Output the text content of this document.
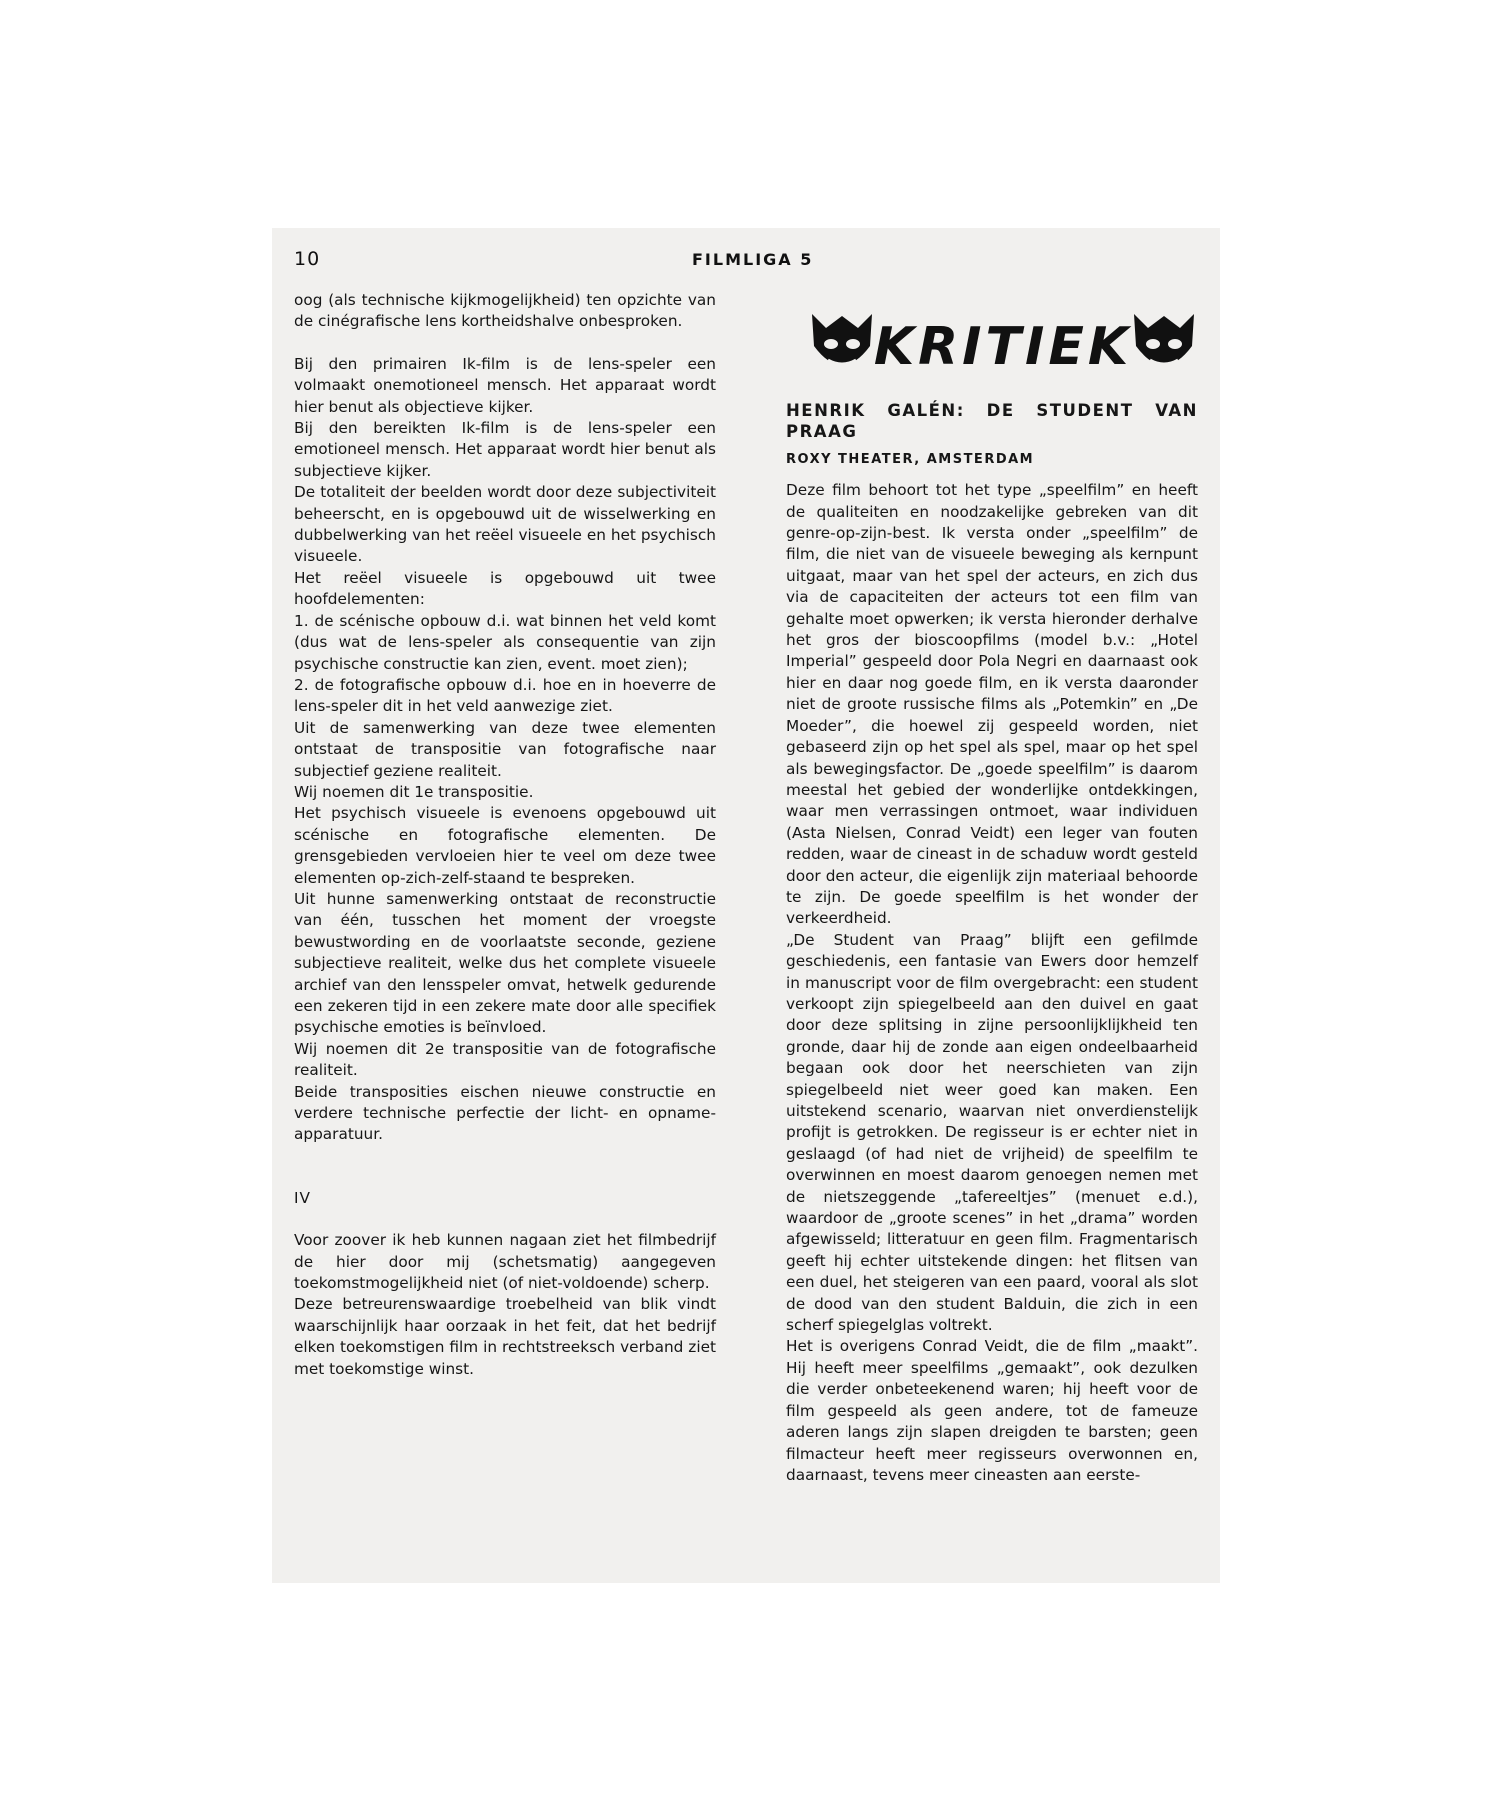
10	FILMLIGA 5

oog (als technische kijkmogelijkheid) ten opzichte van de cinégrafische lens kortheidshalve onbesproken.

Bij den primairen Ik-film is de lens-speler een volmaakt onemotioneel mensch. Het apparaat wordt hier benut als objectieve kijker.

Bij den bereikten Ik-film is de lens-speler een emotioneel mensch. Het apparaat wordt hier benut als subjectieve kijker.

De totaliteit der beelden wordt door deze subjectiviteit beheerscht, en is opgebouwd uit de wisselwerking en dubbelwerking van het reëel visueele en het psychisch visueele.

Het reëel visueele is opgebouwd uit twee hoofdelementen:

1. de scénische opbouw d.i. wat binnen het veld komt (dus wat de lens-speler als consequentie van zijn psychische constructie kan zien, event. moet zien);

2. de fotografische opbouw d.i. hoe en in hoeverre de lens-speler dit in het veld aanwezige ziet.

Uit de samenwerking van deze twee elementen ontstaat de transpositie van fotografische naar subjectief geziene realiteit.

Wij noemen dit 1e transpositie.

Het psychisch visueele is evenoens opgebouwd uit scénische en fotografische elementen. De grensgebieden vervloeien hier te veel om deze twee elementen op-zich-zelf-staand te bespreken.

Uit hunne samenwerking ontstaat de reconstructie van één, tusschen het moment der vroegste bewustwording en de voorlaatste seconde, geziene subjectieve realiteit, welke dus het complete visueele archief van den lensspeler omvat, hetwelk gedurende een zekeren tijd in een zekere mate door alle specifiek psychische emoties is beïnvloed.

Wij noemen dit 2e transpositie van de fotografische realiteit.

Beide transposities eischen nieuwe constructie en verdere technische perfectie der licht- en opname-apparatuur.

IV

Voor zoover ik heb kunnen nagaan ziet het filmbedrijf de hier door mij (schetsmatig) aangegeven toekomstmogelijkheid niet (of niet-voldoende) scherp.

Deze betreurenswaardige troebelheid van blik vindt waarschijnlijk haar oorzaak in het feit, dat het bedrijf elken toekomstigen film in rechtstreeksch verband ziet met toekomstige winst.

KRITIEK

HENRIK GALÉN: DE STUDENT VAN PRAAG

ROXY THEATER, AMSTERDAM

Deze film behoort tot het type „speelfilm” en heeft de qualiteiten en noodzakelijke gebreken van dit genre-op-zijn-best. Ik versta onder „speelfilm” de film, die niet van de visueele beweging als kernpunt uitgaat, maar van het spel der acteurs, en zich dus via de capaciteiten der acteurs tot een film van gehalte moet opwerken; ik versta hieronder derhalve het gros der bioscoopfilms (model b.v.: „Hotel Imperial” gespeeld door Pola Negri en daarnaast ook hier en daar nog goede film, en ik versta daaronder niet de groote russische films als „Potemkin” en „De Moeder”, die hoewel zij gespeeld worden, niet gebaseerd zijn op het spel als spel, maar op het spel als bewegingsfactor. De „goede speelfilm” is daarom meestal het gebied der wonderlijke ontdekkingen, waar men verrassingen ontmoet, waar individuen (Asta Nielsen, Conrad Veidt) een leger van fouten redden, waar de cineast in de schaduw wordt gesteld door den acteur, die eigenlijk zijn materiaal behoorde te zijn. De goede speelfilm is het wonder der verkeerdheid.

„De Student van Praag” blijft een gefilmde geschiedenis, een fantasie van Ewers door hemzelf in manuscript voor de film overgebracht: een student verkoopt zijn spiegelbeeld aan den duivel en gaat door deze splitsing in zijne persoonlijklijkheid ten gronde, daar hij de zonde aan eigen ondeelbaarheid begaan ook door het neerschieten van zijn spiegelbeeld niet weer goed kan maken. Een uitstekend scenario, waarvan niet onverdienstelijk profijt is getrokken. De regisseur is er echter niet in geslaagd (of had niet de vrijheid) de speelfilm te overwinnen en moest daarom genoegen nemen met de nietszeggende „tafereeltjes” (menuet e.d.), waardoor de „groote scenes” in het „drama” worden afgewisseld; litteratuur en geen film. Fragmentarisch geeft hij echter uitstekende dingen: het flitsen van een duel, het steigeren van een paard, vooral als slot de dood van den student Balduin, die zich in een scherf spiegelglas voltrekt.

Het is overigens Conrad Veidt, die de film „maakt”. Hij heeft meer speelfilms „gemaakt”, ook dezulken die verder onbeteekenend waren; hij heeft voor de film gespeeld als geen andere, tot de fameuze aderen langs zijn slapen dreigden te barsten; geen filmacteur heeft meer regisseurs overwonnen en, daarnaast, tevens meer cineasten aan eerste-
